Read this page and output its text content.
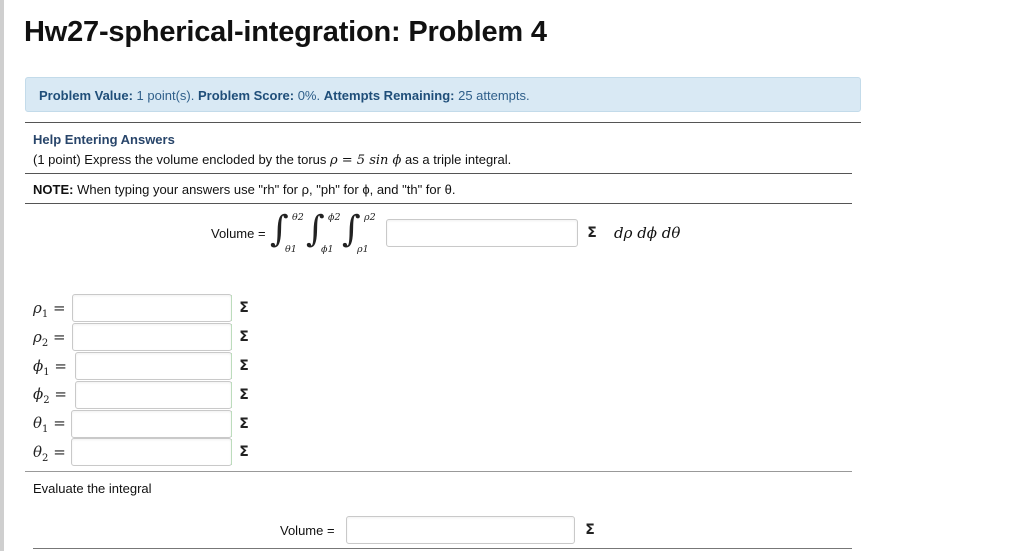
Hw27-spherical-integration: Problem 4
Problem Value: 1 point(s). Problem Score: 0%. Attempts Remaining: 25 attempts.
Help Entering Answers
(1 point) Express the volume encloded by the torus ρ = 5 sin ϕ as a triple integral.
NOTE: When typing your answers use "rh" for ρ, "ph" for ϕ, and "th" for θ.
Volume = ∫ θ2
θ1 ∫ ϕ2
ϕ1 ∫ ρ2
ρ1
Σ dρ dϕ dθ
$\rho_1$ =	Σ
$\rho_2$ =	Σ
$\phi_1$ =	Σ
$\phi_2$ =	Σ
$\theta_1$ =	Σ
$\theta_2$ =	Σ
Evaluate the integral
Volume =	Σ
